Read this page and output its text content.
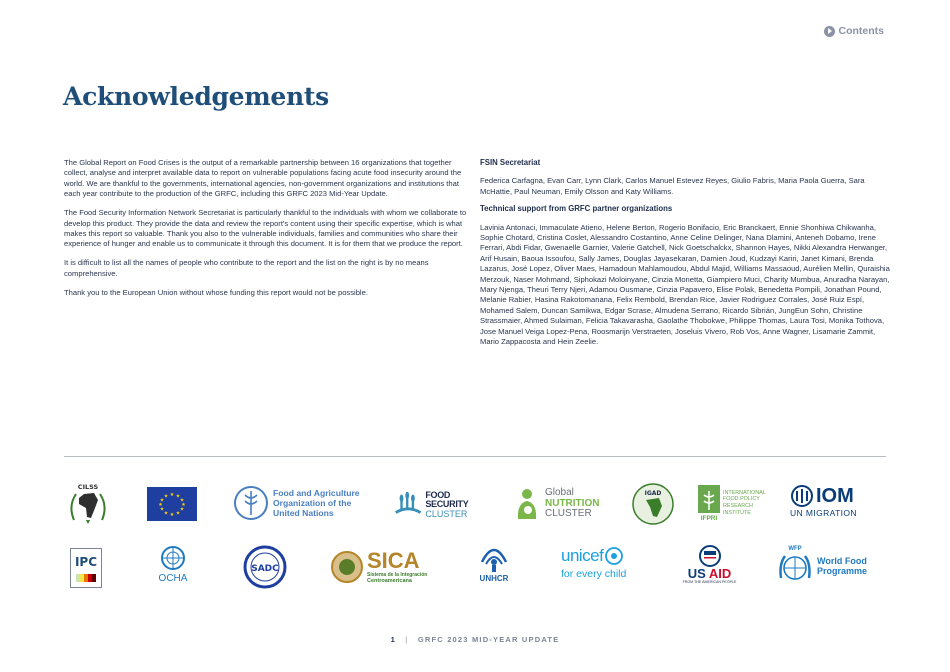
Contents
Acknowledgements

The Global Report on Food Crises is the output of a remarkable partnership between 16 organizations that together collect, analyse and interpret available data to report on vulnerable populations facing acute food insecurity around the world. We are thankful to the governments, international agencies, non-government organizations and institutions that each year contribute to the production of the GRFC, including this GRFC 2023 Mid-Year Update.

The Food Security Information Network Secretariat is particularly thankful to the individuals with whom we collaborate to develop this product. They provide the data and review the report's content using their specific expertise, which is what makes this report so valuable. Thank you also to the vulnerable individuals, families and communities who share their experience of hunger and enable us to communicate it through this document. It is for them that we produce the report.

It is difficult to list all the names of people who contribute to the report and the list on the right is by no means comprehensive.

Thank you to the European Union without whose funding this report would not be possible.

FSIN Secretariat

Federica Carfagna, Evan Carr, Lynn Clark, Carlos Manuel Estevez Reyes, Giulio Fabris, Maria Paola Guerra, Sara McHattie, Paul Neuman, Emily Olsson and Katy Williams.

Technical support from GRFC partner organizations

Lavinia Antonaci, Immaculate Atieno, Helene Berton, Rogerio Bonifacio, Eric Branckaert, Ennie Shonhiwa Chikwanha, Sophie Chotard, Cristina Coslet, Alessandro Costantino, Anne Celine Delinger, Nana Dlamini, Anteneh Dobamo, Irene Ferrari, Abdi Fidar, Gwenaelle Garnier, Valerie Gatchell, Nick Goetschalckx, Shannon Hayes, Nikki Alexandra Herwanger, Arif Husain, Baoua Issoufou, Sally James, Douglas Jayasekaran, Damien Joud, Kudzayi Kariri, Janet Kimani, Brenda Lazarus, José Lopez, Oliver Maes, Hamadoun Mahlamoudou, Abdul Majid, Williams Massaoud, Aurélien Mellin, Quraishia Merzouk, Naser Mohmand, Siphokazi Moloinyane, Cinzia Monetta, Giampiero Muci, Charity Mumbua, Anuradha Narayan, Mary Njenga, Theuri Terry Njeri, Adamou Ousmane, Cinzia Papavero, Elise Polak, Benedetta Pompili, Jonathan Pound, Melanie Rabier, Hasina Rakotomanana, Felix Rembold, Brendan Rice, Javier Rodriguez Corrales, José Ruiz Espí, Mohamed Salem, Duncan Samikwa, Edgar Scrase, Almudena Serrano, Ricardo Sibrián, JungEun Sohn, Christine Strassmaier, Ahmed Sulaiman, Felicia Takavarasha, Gaolathe Thobokwe, Philippe Thomas, Laura Tosi, Monika Tothova, Jose Manuel Veiga Lopez-Pena, Roosmarijn Verstraeten, Joseluis Vivero, Rob Vos, Anne Wagner, Lisamarie Zammit, Mario Zappacosta and Hein Zeelie.

CILSS
★ ★
★
★
★
★
★
★
★
★
★
★	Food and Agriculture
Organization of the
United Nations
FOOD SECURITY
CLUSTER
Global
NUTRITION
CLUSTER
IGAD
IFPRI
INTERNATIONAL
FOOD POLICY
RESEARCH
INSTITUTE
IOM
UN MIGRATION
IPC
OCHA
SADC	SICA
Sistema de la Integración
Centroamericana	UNHCR
unicef
for every child	US AID
FROM THE AMERICAN PEOPLE
WFP
World Food
Programme
1 | GRFC 2023 MID-YEAR UPDATE
